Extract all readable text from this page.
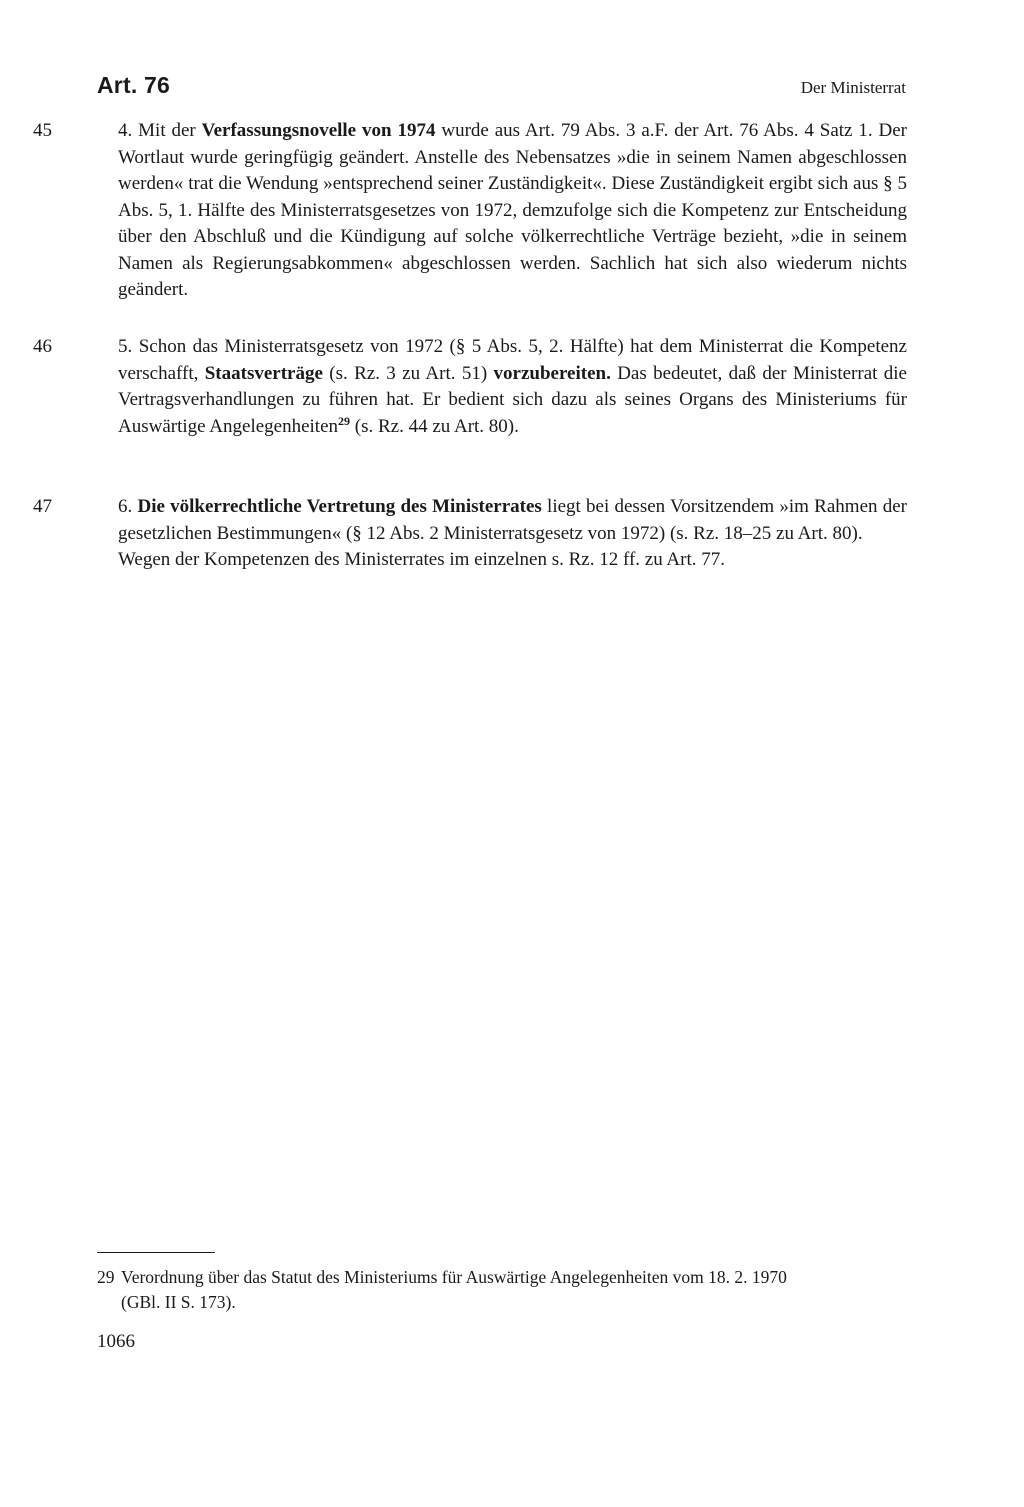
Art. 76	Der Ministerrat
45	4. Mit der Verfassungsnovelle von 1974 wurde aus Art. 79 Abs. 3 a.F. der Art. 76 Abs. 4 Satz 1. Der Wortlaut wurde geringfügig geändert. Anstelle des Nebensatzes »die in seinem Namen abgeschlossen werden« trat die Wendung »entsprechend seiner Zuständigkeit«. Diese Zuständigkeit ergibt sich aus § 5 Abs. 5, 1. Hälfte des Ministerratsgesetzes von 1972, demzufolge sich die Kompetenz zur Entscheidung über den Abschluß und die Kündigung auf solche völkerrechtliche Verträge bezieht, »die in seinem Namen als Regierungsabkommen« abgeschlossen werden. Sachlich hat sich also wiederum nichts geändert.
46	5. Schon das Ministerratsgesetz von 1972 (§ 5 Abs. 5, 2. Hälfte) hat dem Ministerrat die Kompetenz verschafft, Staatsverträge (s. Rz. 3 zu Art. 51) vorzubereiten. Das bedeutet, daß der Ministerrat die Vertragsverhandlungen zu führen hat. Er bedient sich dazu als seines Organs des Ministeriums für Auswärtige Angelegenheiten$^{29}$ (s. Rz. 44 zu Art. 80).
47	6. Die völkerrechtliche Vertretung des Ministerrates liegt bei dessen Vorsitzendem »im Rahmen der gesetzlichen Bestimmungen« (§ 12 Abs. 2 Ministerratsgesetz von 1972) (s. Rz. 18–25 zu Art. 80).

Wegen der Kompetenzen des Ministerrates im einzelnen s. Rz. 12 ff. zu Art. 77.

29 Verordnung über das Statut des Ministeriums für Auswärtige Angelegenheiten vom 18. 2. 1970
(GBl. II S. 173).
1066
